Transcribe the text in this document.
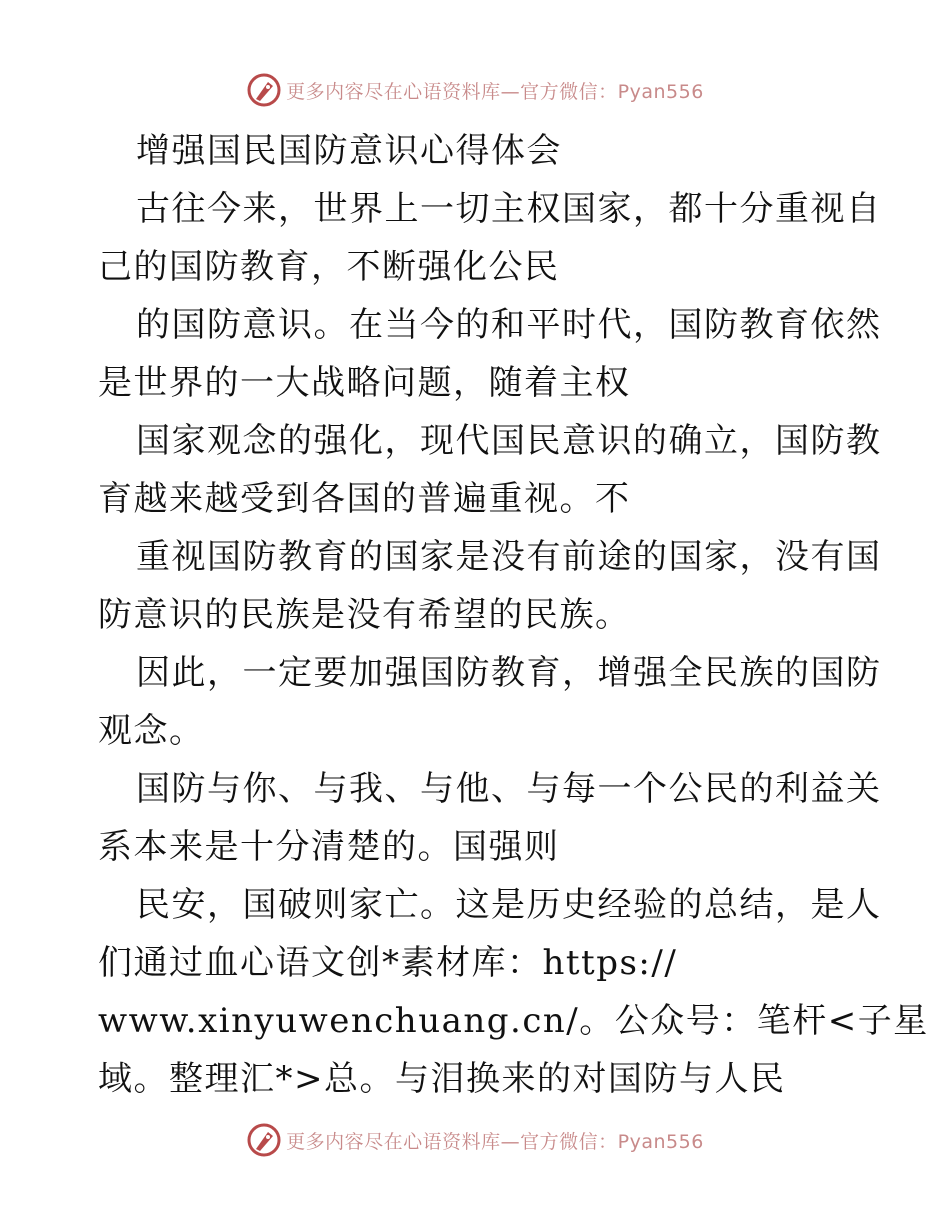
更多内容尽在心语资料库—官方微信：Pyan556
增强国民国防意识心得体会
古往今来，世界上一切主权国家，都十分重视自
己的国防教育，不断强化公民
的国防意识。在当今的和平时代，国防教育依然
是世界的一大战略问题，随着主权
国家观念的强化，现代国民意识的确立，国防教
育越来越受到各国的普遍重视。不
重视国防教育的国家是没有前途的国家，没有国
防意识的民族是没有希望的民族。
因此，一定要加强国防教育，增强全民族的国防
观念。
国防与你、与我、与他、与每一个公民的利益关
系本来是十分清楚的。国强则
民安，国破则家亡。这是历史经验的总结，是人
们通过血心语文创*素材库：https://
www.xinyuwenchuang.cn/。公众号：笔杆<子星
域。整理汇*>总。与泪换来的对国防与人民
更多内容尽在心语资料库—官方微信：Pyan556
